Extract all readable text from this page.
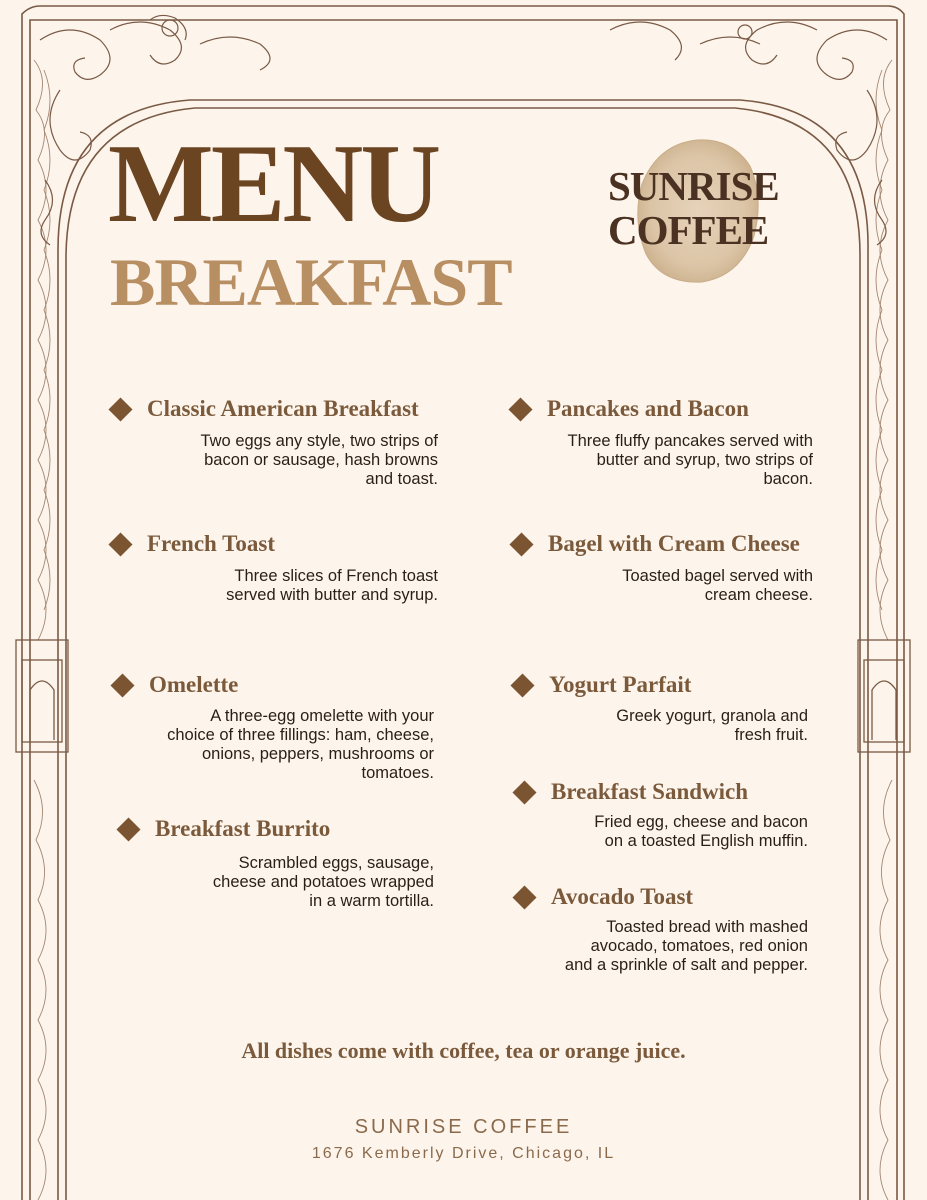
MENU
BREAKFAST
SUNRISE
COFFEE
Classic American Breakfast
Two eggs any style, two strips of
bacon or sausage, hash browns
and toast.
French Toast
Three slices of French toast
served with butter and syrup.
Omelette
A three-egg omelette with your
choice of three fillings: ham, cheese,
onions, peppers, mushrooms or
tomatoes.
Breakfast Burrito
Scrambled eggs, sausage,
cheese and potatoes wrapped
in a warm tortilla.
Pancakes and Bacon
Three fluffy pancakes served with
butter and syrup, two strips of
bacon.
Bagel with Cream Cheese
Toasted bagel served with
cream cheese.
Yogurt Parfait
Greek yogurt, granola and
fresh fruit.
Breakfast Sandwich
Fried egg, cheese and bacon
on a toasted English muffin.
Avocado Toast
Toasted bread with mashed
avocado, tomatoes, red onion
and a sprinkle of salt and pepper.
All dishes come with coffee, tea or orange juice.
SUNRISE COFFEE
1676 Kemberly Drive, Chicago, IL
